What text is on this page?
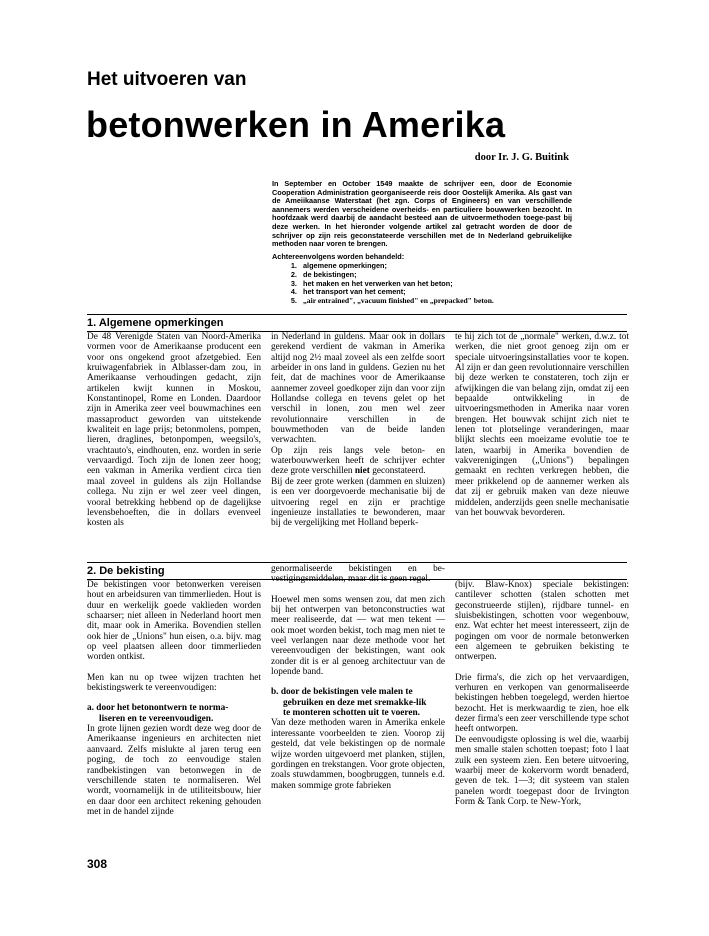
Het uitvoeren van
betonwerken in Amerika
door Ir. J. G. Buitink

In September en October 1549 maakte de schrijver een, door de Economie Cooperation Administration georganiseerde reis door Oostelijk Amerika. Als gast van de Ameiikaanse Waterstaat (het zgn. Corps of Engineers) en van verschillende aannemers werden verscheidene overheids- en particuliere bouwwerken bezocht. In hoofdzaak werd daarbij de aandacht besteed aan de uitvoermethoden toege-past bij deze werken. In het hieronder volgende artikel zal getracht worden de door de schrijver op zijn reis geconstateerde verschillen met de In Nederland gebruikelijke methoden naar voren te brengen.

Achtereenvolgens worden behandeld:

1. algemene opmerkingen;
2. de bekistingen;
3. het maken en het verwerken van het beton;
4. het transport van het cement;
5. „air entrained", „vacuum finished" en „prepacked" beton.
1. Algemene opmerkingen

De 48 Verenigde Staten van Noord-Amerika vormen voor de Amerikaanse producent een voor ons ongekend groot afzetgebied. Een kruiwagenfabriek in Alblasser-dam zou, in Amerikaanse verhoudingen gedacht, zijn artikelen kwijt kunnen in Moskou, Konstantinopel, Rome en Londen. Daardoor zijn in Amerika zeer veel bouwmachines een massaproduct geworden van uitstekende kwaliteit en lage prijs; betonmolens, pompen, lieren, draglines, betonpompen, weegsilo's, vrachtauto's, eindhouten, enz. worden in serie vervaardigd. Toch zijn de lonen zeer hoog; een vakman in Amerika verdient circa tien maal zoveel in guldens als zijn Hollandse collega. Nu zijn er wel zeer veel dingen, vooral betrekking hebbend op de dagelijkse levensbehoeften, die in dollars evenveel kosten als

in Nederland in guldens. Maar ook in dollars gerekend verdient de vakman in Amerika altijd nog 2½ maal zoveel als een zelfde soort arbeider in ons land in guldens. Gezien nu het feit, dat de machines voor de Amerikaanse aannemer zoveel goedkoper zijn dan voor zijn Hollandse collega en tevens gelet op het verschil in lonen, zou men wel zeer revolutionnaire verschillen in de bouwmethoden van de beide landen verwachten.

Op zijn reis langs vele beton- en waterbouwwerken heeft de schrijver echter deze grote verschillen niet geconstateerd.

Bij de zeer grote werken (dammen en sluizen) is een ver doorgevoerde mechanisatie bij de uitvoering regel en zijn er prachtige ingenieuze installaties te bewonderen, maar bij de vergelijking met Holland beperk-

te hij zich tot de „normale" werken, d.w.z. tot werken, die niet groot genoeg zijn om er speciale uitvoeringsinstallaties voor te kopen. Al zijn er dan geen revolutionnaire verschillen bij deze werken te constateren, toch zijn er afwijkingen die van belang zijn, omdat zij een bepaalde ontwikkeling in de uitvoeringsmethoden in Amerika naar voren brengen. Het bouwvak schijnt zich niet te lenen tot plotselinge veranderingen, maar blijkt slechts een moeizame evolutie toe te laten, waarbij in Amerika bovendien de vakverenigingen („Unions") bepalingen gemaakt en rechten verkregen hebben, die meer prikkelend op de aannemer werken als dat zij er gebruik maken van deze nieuwe middelen, anderzijds geen snelle mechanisatie van het bouwvak bevorderen.

2. De bekisting

De bekistingen voor betonwerken vereisen hout en arbeidsuren van timmerlieden. Hout is duur en werkelijk goede vaklieden worden schaarser; niet alleen in Nederland hoort men dit, maar ook in Amerika. Bovendien stellen ook hier de „Unions" hun eisen, o.a. bijv. mag op veel plaatsen alleen door timmerlieden worden ontkist.

Men kan nu op twee wijzen trachten het bekistingswerk te vereenvoudigen:

a. door het betonontwern te norma-
liseren en te vereenvoudigen.

In grote lijnen gezien wordt deze weg door de Amerikaanse ingenieurs en architecten niet aanvaard. Zelfs mislukte al jaren terug een poging, de toch zo eenvoudige stalen randbekistingen van betonwegen in de verschillende staten te normaliseren. Wel wordt, voornamelijk in de utiliteitsbouw, hier en daar door een architect rekening gehouden met in de handel zijnde

genormaliseerde bekistingen en be-vestigingsmiddelen, maar dit is geen regel.

Hoewel men soms wensen zou, dat men zich bij het ontwerpen van betonconstructies wat meer realiseerde, dat — wat men tekent — ook moet worden bekist, toch mag men niet te veel verlangen naar deze methode voor het vereenvoudigen der bekistingen, want ook zonder dit is er al genoeg architectuur van de lopende band.

b. door de bekistingen vele malen te
gebruiken en deze met sremakke-lik
te monteren schotten uit te voeren.

Van deze methoden waren in Amerika enkele interessante voorbeelden te zien. Voorop zij gesteld, dat vele bekistingen op de normale wijze worden uitgevoerd met planken, stijlen, gordingen en trekstangen. Voor grote objecten, zoals stuwdammen, boogbruggen, tunnels e.d. maken sommige grote fabrieken

(bijv. Blaw-Knox) speciale bekistingen: cantilever schotten (stalen schotten met geconstrueerde stijlen), rijdbare tunnel- en sluisbekistingen, schotten voor wegenbouw, enz. Wat echter het meest interesseert, zijn de pogingen om voor de normale betonwerken een algemeen te gebruiken bekisting te ontwerpen.

Drie firma's, die zich op het vervaardigen, verhuren en verkopen van genormaliseerde bekistingen hebben toegelegd, werden hiertoe bezocht. Het is merkwaardig te zien, hoe elk dezer firma's een zeer verschillende type schot heeft ontworpen.

De eenvoudigste oplossing is wel die, waarbij men smalle stalen schotten toepast; foto l laat zulk een systeem zien. Een betere uitvoering, waarbij meer de kokervorm wordt benaderd, geven de tek. 1—3; dit systeem van stalen panelen wordt toegepast door de Irvington Form & Tank Corp. te New-York,

308
